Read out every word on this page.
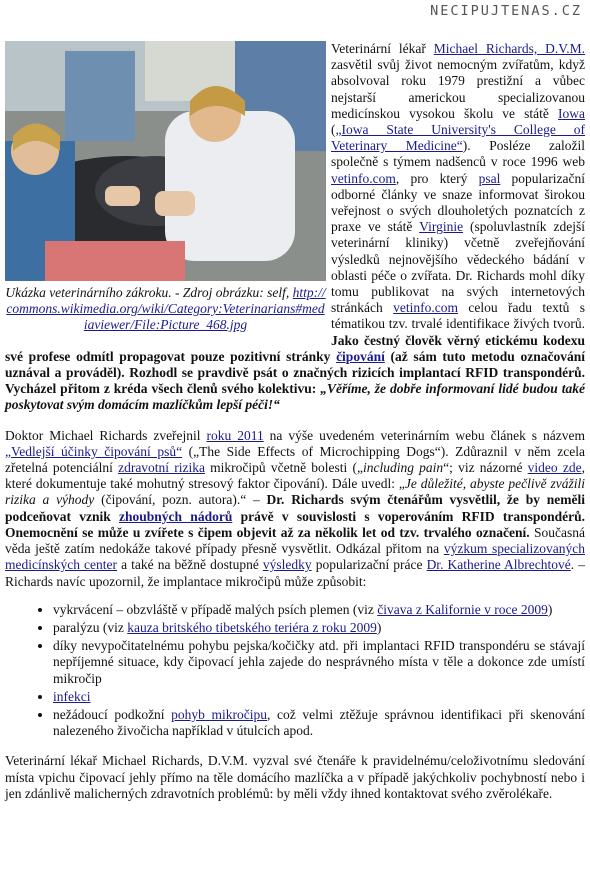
NECIPUJTENAS.CZ
Ukázka veterinárního zákroku. - Zdroj obrázku: self, http://commons.wikimedia.org/wiki/Category:Veterinarians#mediaviewer/File:Picture_468.jpg

Veterinární lékař Michael Richards, D.V.M. zasvětil svůj život nemocným zvířatům, když absolvoval roku 1979 prestižní a vůbec nejstarší americkou specializovanou medicínskou vysokou školu ve státě Iowa („Iowa State University's College of Veterinary Medicine“). Posléze založil společně s týmem nadšenců v roce 1996 web vetinfo.com, pro který psal popularizační odborné články ve snaze informovat širokou veřejnost o svých dlouholetých poznatcích z praxe ve státě Virginie (spoluvlastník zdejší veterinární kliniky) včetně zveřejňování výsledků nejnovějšího vědeckého bádání v oblasti péče o zvířata. Dr. Richards mohl díky tomu publikovat na svých internetových stránkách vetinfo.com celou řadu textů s tématikou tzv. trvalé identifikace živých tvorů. Jako čestný člověk věrný etickému kodexu své profese odmítl propagovat pouze pozitivní stránky čipování (až sám tuto metodu označování uznával a prováděl). Rozhodl se pravdivě psát o značných rizicích implantací RFID transpondérů. Vycházel přitom z kréda všech členů svého kolektivu: „Věříme, že dobře informovaní lidé budou také poskytovat svým domácím mazlíčkům lepší péči!“

Doktor Michael Richards zveřejnil roku 2011 na výše uvedeném veterinárním webu článek s názvem „Vedlejší účinky čipování psů“ („The Side Effects of Microchipping Dogs“). Zdůraznil v něm zcela zřetelná potenciální zdravotní rizika mikročipů včetně bolesti („including pain“; viz názorné video zde, které dokumentuje také mohutný stresový faktor čipování). Dále uvedl: „Je důležité, abyste pečlivě zvážili rizika a výhody (čipování, pozn. autora).“ – Dr. Richards svým čtenářům vysvětlil, že by neměli podceňovat vznik zhoubných nádorů právě v souvislosti s voperováním RFID transpondérů. Onemocnění se může u zvířete s čipem objevit až za několik let od tzv. trvalého označení. Současná věda ještě zatím nedokáže takové případy přesně vysvětlit. Odkázal přitom na výzkum specializovaných medicínských center a také na běžně dostupné výsledky popularizační práce Dr. Katherine Albrechtové. – Richards navíc upozornil, že implantace mikročipů může způsobit:

• vykrvácení – obzvláště v případě malých psích plemen (viz čivava z Kalifornie v roce 2009)
• paralýzu (viz kauza britského tibetského teriéra z roku 2009)
• díky nevypočitatelnému pohybu pejska/kočičky atd. při implantaci RFID transpondéru se stávají nepříjemné situace, kdy čipovací jehla zajede do nesprávného místa v těle a dokonce zde umístí mikročip
• infekci
• nežádoucí podkožní pohyb mikročipu, což velmi ztěžuje správnou identifikaci při skenování nalezeného živočicha například v útulcích apod.

Veterinární lékař Michael Richards, D.V.M. vyzval své čtenáře k pravidelnému/celoživotnímu sledování místa vpichu čipovací jehly přímo na těle domácího mazlíčka a v případě jakýchkoliv pochybností nebo i jen zdánlivě malicherných zdravotních problémů: by měli vždy ihned kontaktovat svého zvěrolékaře.
